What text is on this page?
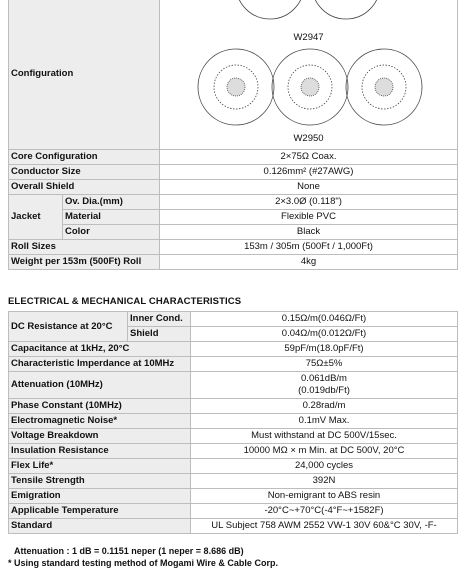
Configuration		W2947
W2950

Core Configuration		2×75Ω Coax.
Conductor Size		0.126mm² (#27AWG)
Overall Shield		None
Jacket	Ov. Dia.(mm)	2×3.0Ø (0.118")
	Material	Flexible PVC
	Color	Black
Roll Sizes		153m / 305m (500Ft / 1,000Ft)
Weight per 153m (500Ft) Roll		4kg
ELECTRICAL & MECHANICAL CHARACTERISTICS
DC Resistance at 20°C	Inner Cond.	0.15Ω/m(0.046Ω/Ft)
	Shield	0.04Ω/m(0.012Ω/Ft)
Capacitance at 1kHz, 20°C		59pF/m(18.0pF/Ft)
Characteristic Imperdance at 10MHz		75Ω±5%
Attenuation (10MHz)		0.061dB/m
(0.019db/Ft)

Phase Constant (10MHz)		0.28rad/m
Electromagnetic Noise*		0.1mV Max.
Voltage Breakdown		Must withstand at DC 500V/15sec.
Insulation Resistance		10000 MΩ × m Min. at DC 500V, 20°C
Flex Life*		24,000 cycles
Tensile Strength		392N
Emigration		Non-emigrant to ABS resin
Applicable Temperature		-20°C~+70°C(-4°F~+1582F)
Standard		UL Subject 758 AWM 2552 VW-1 30V 60&°C 30V, -F-
Attenuation : 1 dB = 0.1151 neper (1 neper = 8.686 dB)
* Using standard testing method of Mogami Wire & Cable Corp.
